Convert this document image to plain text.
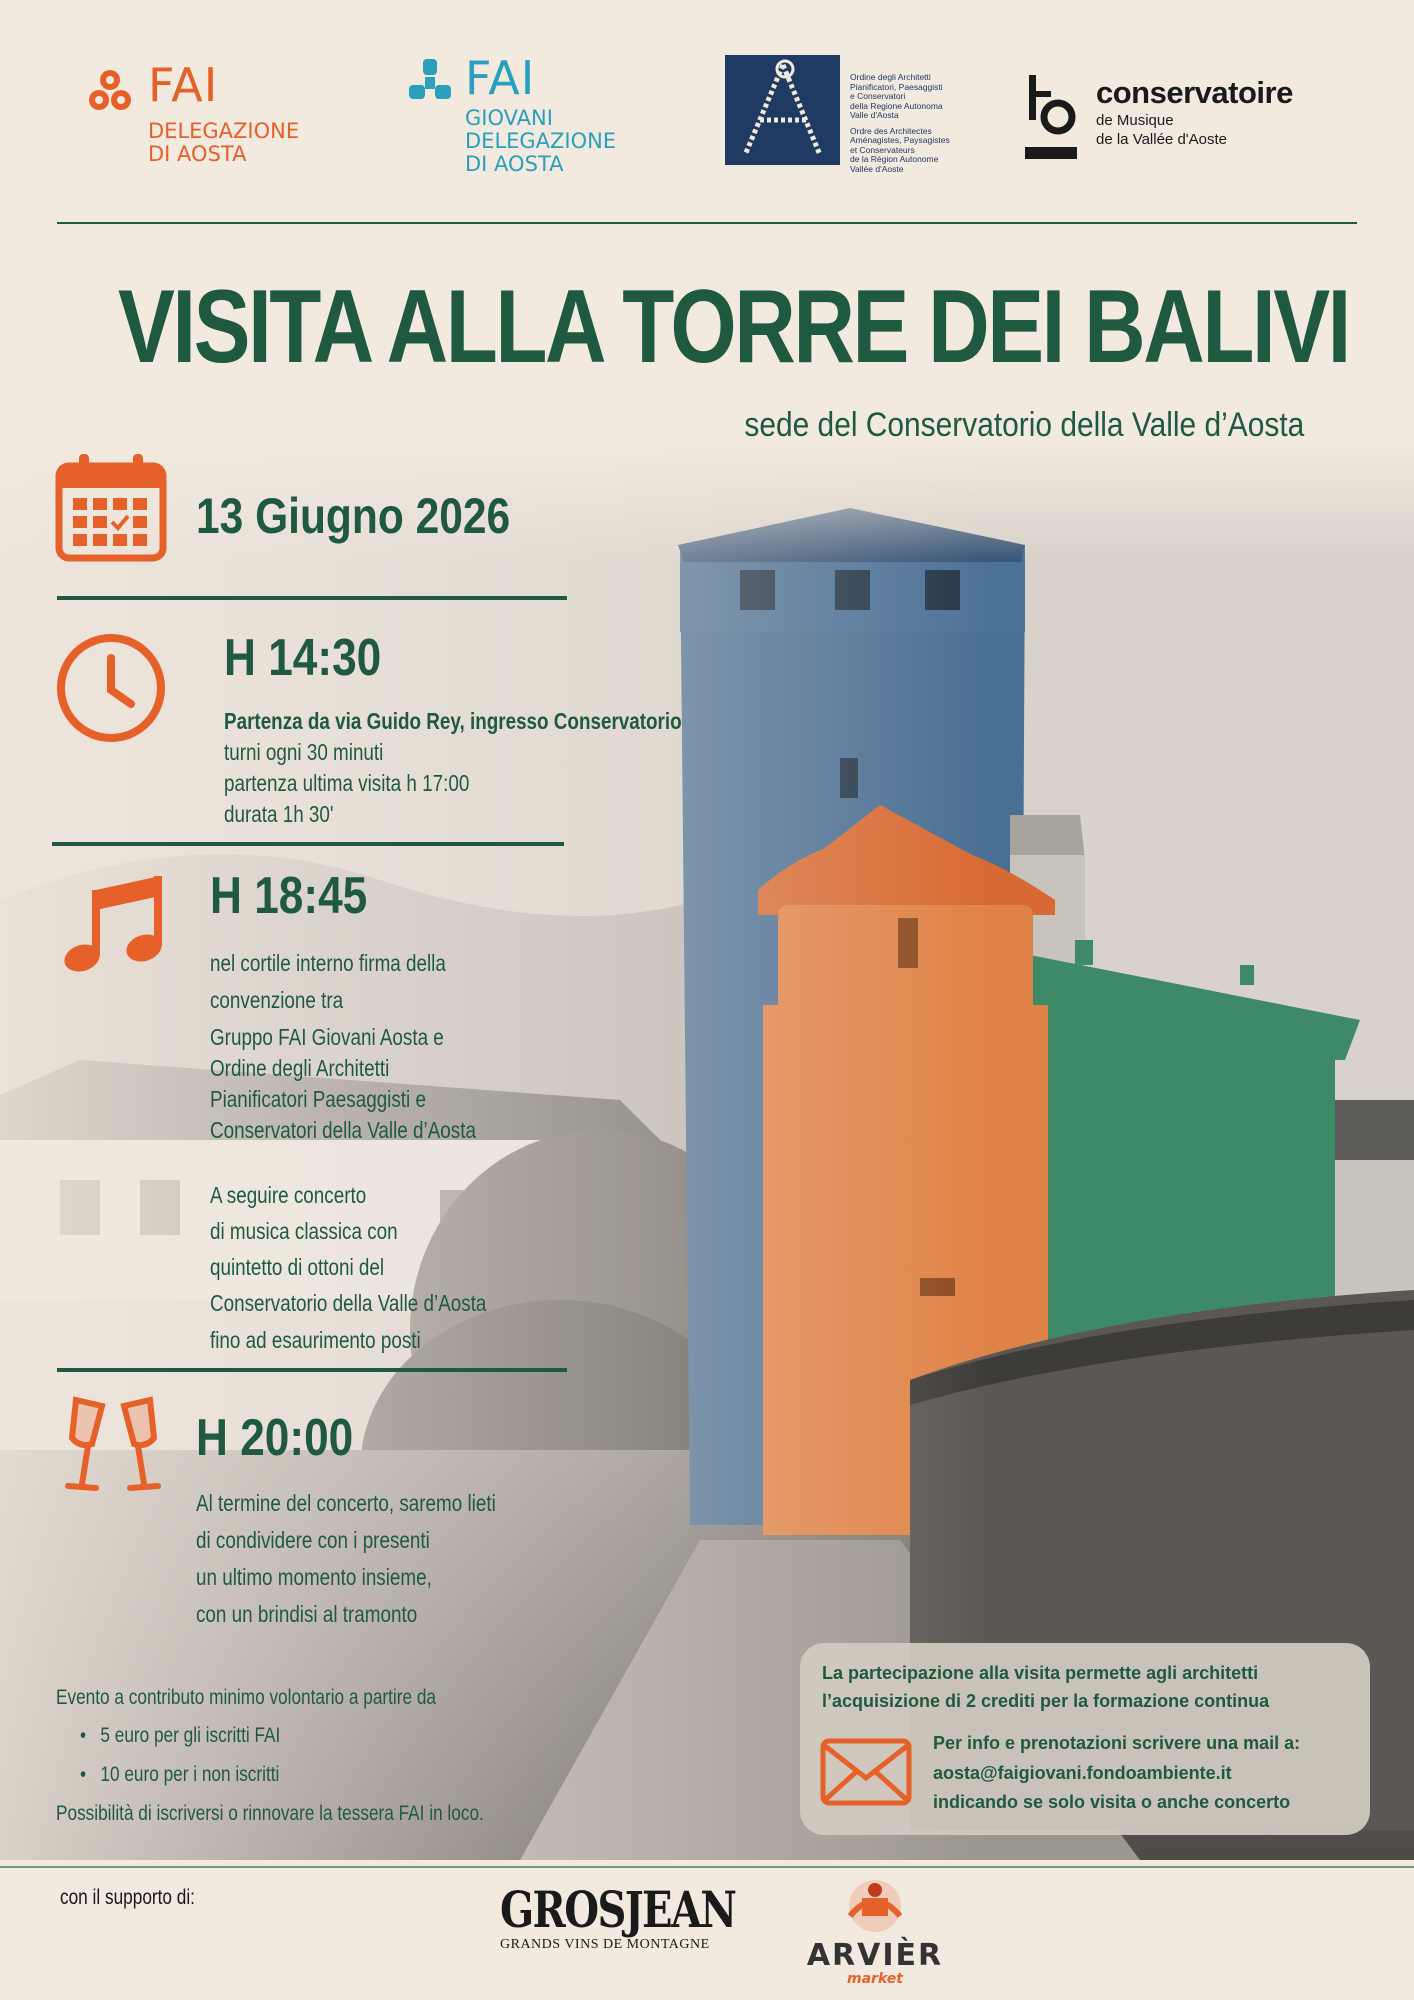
FAI
DELEGAZIONE
DI AOSTA
FAI
GIOVANI
DELEGAZIONE
DI AOSTA
Ordine degli Architetti
Pianificatori, Paesaggisti
e Conservatori
della Regione Autonoma
Valle d'Aosta
Ordre des Architectes
Aménagistes, Paysagistes
et Conservateurs
de la Région Autonome
Vallée d'Aoste
conservatoire
de Musique
de la Vallée d'Aoste
VISITA ALLA TORRE DEI BALIVI
sede del Conservatorio della Valle d’Aosta
13 Giugno 2026
H 14:30
Partenza da via Guido Rey, ingresso Conservatorio
turni ogni 30 minuti
partenza ultima visita h 17:00
durata 1h 30'
H 18:45
nel cortile interno firma della
convenzione tra
Gruppo FAI Giovani Aosta e
Ordine degli Architetti
Pianificatori Paesaggisti e
Conservatori della Valle d’Aosta
A seguire concerto
di musica classica con
quintetto di ottoni del
Conservatorio della Valle d’Aosta
fino ad esaurimento posti
H 20:00
Al termine del concerto, saremo lieti
di condividere con i presenti
un ultimo momento insieme,
con un brindisi al tramonto
Evento a contributo minimo volontario a partire da
•   5 euro per gli iscritti FAI
•   10 euro per i non iscritti
Possibilità di iscriversi o rinnovare la tessera FAI in loco.
La partecipazione alla visita permette agli architetti
l’acquisizione di 2 crediti per la formazione continua
Per info e prenotazioni scrivere una mail a:
aosta@faigiovani.fondoambiente.it
indicando se solo visita o anche concerto
con il supporto di:	GROSJEAN
GRANDS VINS DE MONTAGNE	ARVIÈR
market
